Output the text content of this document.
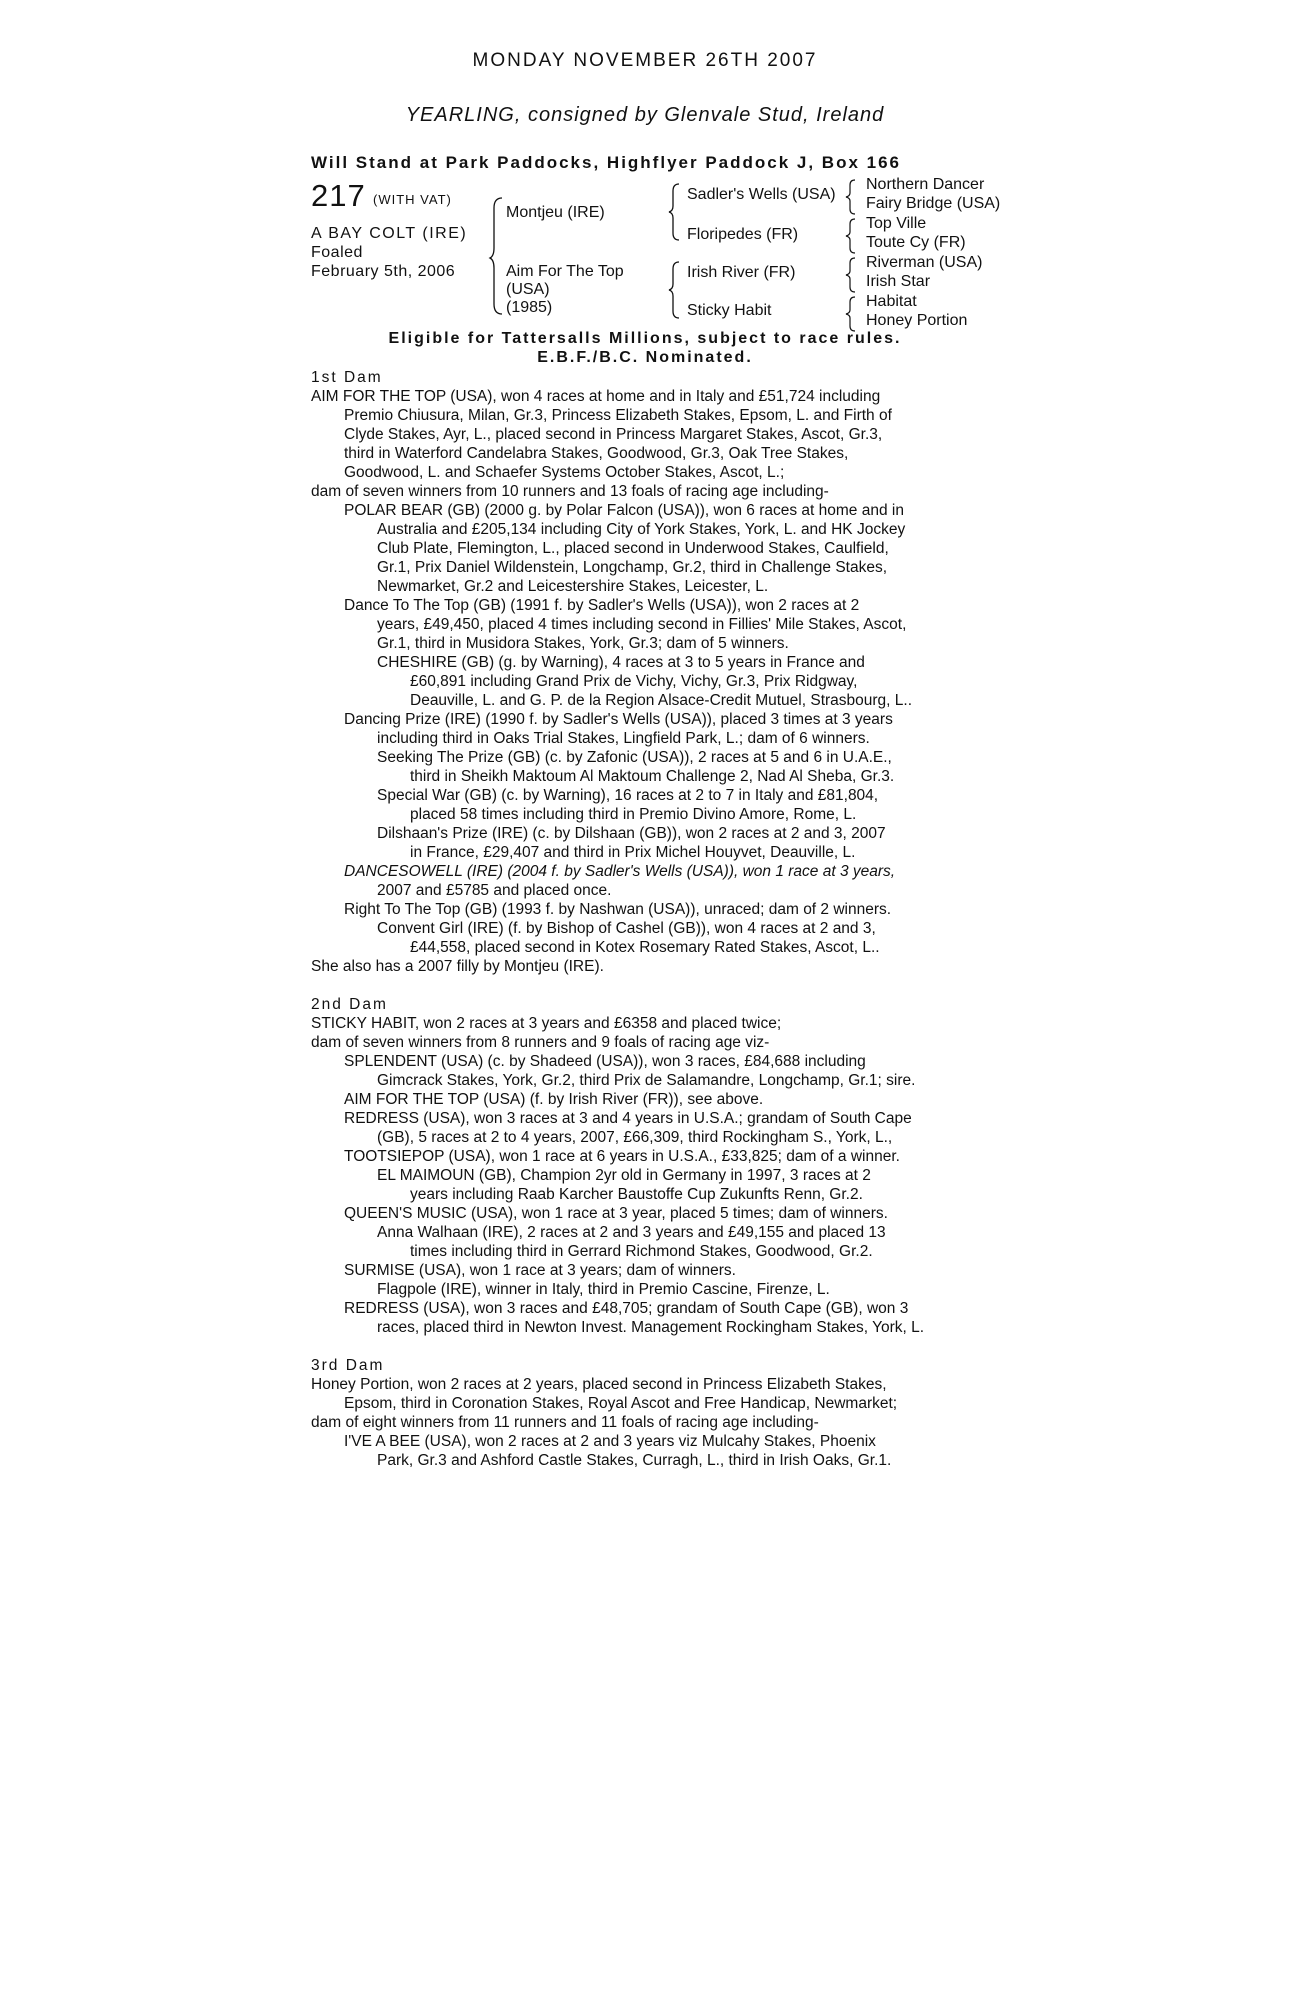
MONDAY NOVEMBER 26TH 2007
YEARLING, consigned by Glenvale Stud, Ireland
Will Stand at Park Paddocks, Highflyer Paddock J, Box 166
217 (WITH VAT)
A BAY COLT (IRE)
Foaled
February 5th, 2006
Montjeu (IRE)
Aim For The Top
(USA)
(1985)
Sadler's Wells (USA)
Floripedes (FR)
Irish River (FR)
Sticky Habit
Northern Dancer
Fairy Bridge (USA)
Top Ville
Toute Cy (FR)
Riverman (USA)
Irish Star
Habitat
Honey Portion
Eligible for Tattersalls Millions, subject to race rules.
E.B.F./B.C. Nominated.
1st Dam
AIM FOR THE TOP (USA), won 4 races at home and in Italy and £51,724 including
Premio Chiusura, Milan, Gr.3, Princess Elizabeth Stakes, Epsom, L. and Firth of
Clyde Stakes, Ayr, L., placed second in Princess Margaret Stakes, Ascot, Gr.3,
third in Waterford Candelabra Stakes, Goodwood, Gr.3, Oak Tree Stakes,
Goodwood, L. and Schaefer Systems October Stakes, Ascot, L.;
dam of seven winners from 10 runners and 13 foals of racing age including-
POLAR BEAR (GB) (2000 g. by Polar Falcon (USA)), won 6 races at home and in
Australia and £205,134 including City of York Stakes, York, L. and HK Jockey
Club Plate, Flemington, L., placed second in Underwood Stakes, Caulfield,
Gr.1, Prix Daniel Wildenstein, Longchamp, Gr.2, third in Challenge Stakes,
Newmarket, Gr.2 and Leicestershire Stakes, Leicester, L.
Dance To The Top (GB) (1991 f. by Sadler's Wells (USA)), won 2 races at 2
years, £49,450, placed 4 times including second in Fillies' Mile Stakes, Ascot,
Gr.1, third in Musidora Stakes, York, Gr.3; dam of 5 winners.
CHESHIRE (GB) (g. by Warning), 4 races at 3 to 5 years in France and
£60,891 including Grand Prix de Vichy, Vichy, Gr.3, Prix Ridgway,
Deauville, L. and G. P. de la Region Alsace-Credit Mutuel, Strasbourg, L..
Dancing Prize (IRE) (1990 f. by Sadler's Wells (USA)), placed 3 times at 3 years
including third in Oaks Trial Stakes, Lingfield Park, L.; dam of 6 winners.
Seeking The Prize (GB) (c. by Zafonic (USA)), 2 races at 5 and 6 in U.A.E.,
third in Sheikh Maktoum Al Maktoum Challenge 2, Nad Al Sheba, Gr.3.
Special War (GB) (c. by Warning), 16 races at 2 to 7 in Italy and £81,804,
placed 58 times including third in Premio Divino Amore, Rome, L.
Dilshaan's Prize (IRE) (c. by Dilshaan (GB)), won 2 races at 2 and 3, 2007
in France, £29,407 and third in Prix Michel Houyvet, Deauville, L.
DANCESOWELL (IRE) (2004 f. by Sadler's Wells (USA)), won 1 race at 3 years,
2007 and £5785 and placed once.
Right To The Top (GB) (1993 f. by Nashwan (USA)), unraced; dam of 2 winners.
Convent Girl (IRE) (f. by Bishop of Cashel (GB)), won 4 races at 2 and 3,
£44,558, placed second in Kotex Rosemary Rated Stakes, Ascot, L..
She also has a 2007 filly by Montjeu (IRE).
2nd Dam
STICKY HABIT, won 2 races at 3 years and £6358 and placed twice;
dam of seven winners from 8 runners and 9 foals of racing age viz-
SPLENDENT (USA) (c. by Shadeed (USA)), won 3 races, £84,688 including
Gimcrack Stakes, York, Gr.2, third Prix de Salamandre, Longchamp, Gr.1; sire.
AIM FOR THE TOP (USA) (f. by Irish River (FR)), see above.
REDRESS (USA), won 3 races at 3 and 4 years in U.S.A.; grandam of South Cape
(GB), 5 races at 2 to 4 years, 2007, £66,309, third Rockingham S., York, L.,
TOOTSIEPOP (USA), won 1 race at 6 years in U.S.A., £33,825; dam of a winner.
EL MAIMOUN (GB), Champion 2yr old in Germany in 1997, 3 races at 2
years including Raab Karcher Baustoffe Cup Zukunfts Renn, Gr.2.
QUEEN'S MUSIC (USA), won 1 race at 3 year, placed 5 times; dam of winners.
Anna Walhaan (IRE), 2 races at 2 and 3 years and £49,155 and placed 13
times including third in Gerrard Richmond Stakes, Goodwood, Gr.2.
SURMISE (USA), won 1 race at 3 years; dam of winners.
Flagpole (IRE), winner in Italy, third in Premio Cascine, Firenze, L.
REDRESS (USA), won 3 races and £48,705; grandam of South Cape (GB), won 3
races, placed third in Newton Invest. Management Rockingham Stakes, York, L.
3rd Dam
Honey Portion, won 2 races at 2 years, placed second in Princess Elizabeth Stakes,
Epsom, third in Coronation Stakes, Royal Ascot and Free Handicap, Newmarket;
dam of eight winners from 11 runners and 11 foals of racing age including-
I'VE A BEE (USA), won 2 races at 2 and 3 years viz Mulcahy Stakes, Phoenix
Park, Gr.3 and Ashford Castle Stakes, Curragh, L., third in Irish Oaks, Gr.1.
